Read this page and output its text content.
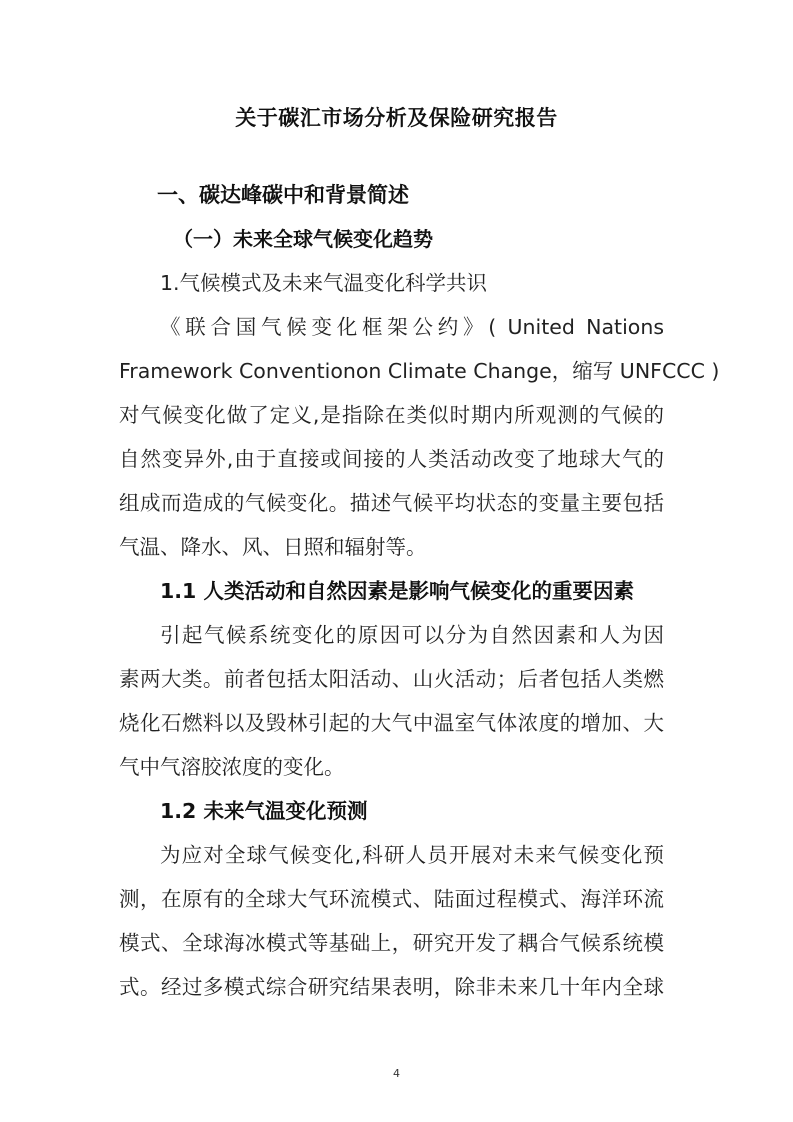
关于碳汇市场分析及保险研究报告
一、碳达峰碳中和背景简述
（一）未来全球气候变化趋势
1.气候模式及未来气温变化科学共识
《联合国气候变化框架公约》( United Nations
Framework Conventionon Climate Change，缩写 UNFCCC )
对气候变化做了定义,是指除在类似时期内所观测的气候的
自然变异外,由于直接或间接的人类活动改变了地球大气的
组成而造成的气候变化。描述气候平均状态的变量主要包括
气温、降水、风、日照和辐射等。
1.1 人类活动和自然因素是影响气候变化的重要因素
引起气候系统变化的原因可以分为自然因素和人为因
素两大类。前者包括太阳活动、山火活动；后者包括人类燃
烧化石燃料以及毁林引起的大气中温室气体浓度的增加、大
气中气溶胶浓度的变化。
1.2 未来气温变化预测
为应对全球气候变化,科研人员开展对未来气候变化预
测，在原有的全球大气环流模式、陆面过程模式、海洋环流
模式、全球海冰模式等基础上，研究开发了耦合气候系统模
式。经过多模式综合研究结果表明，除非未来几十年内全球
4
